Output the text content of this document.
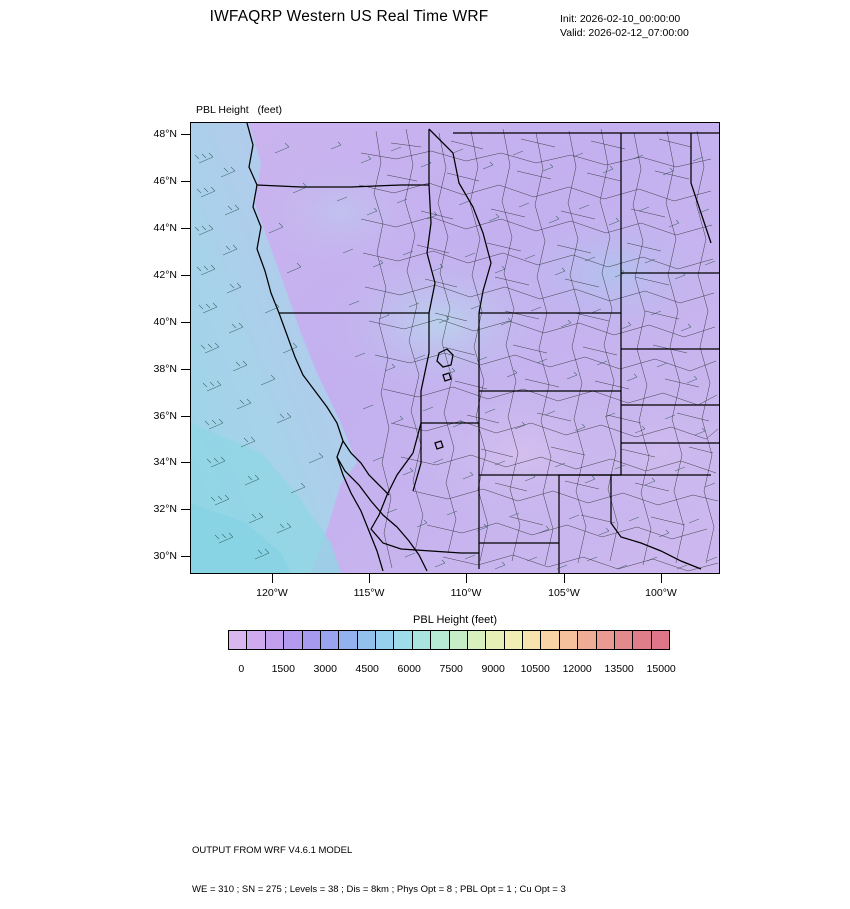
IWFAQRP Western US Real Time WRF	Init: 2026-02-10_00:00:00
Valid: 2026-02-12_07:00:00

PBL Height   (feet)

48°N
46°N
44°N
42°N
40°N
38°N
36°N
34°N
32°N
30°N
120°W	115°W	110°W	105°W	100°W
PBL Height (feet)
0	1500 3000 4500 6000 7500 9000 10500 12000 13500 15000

OUTPUT FROM WRF V4.6.1 MODEL

WE = 310 ; SN = 275 ; Levels = 38 ; Dis = 8km ; Phys Opt = 8 ; PBL Opt = 1 ; Cu Opt = 3
